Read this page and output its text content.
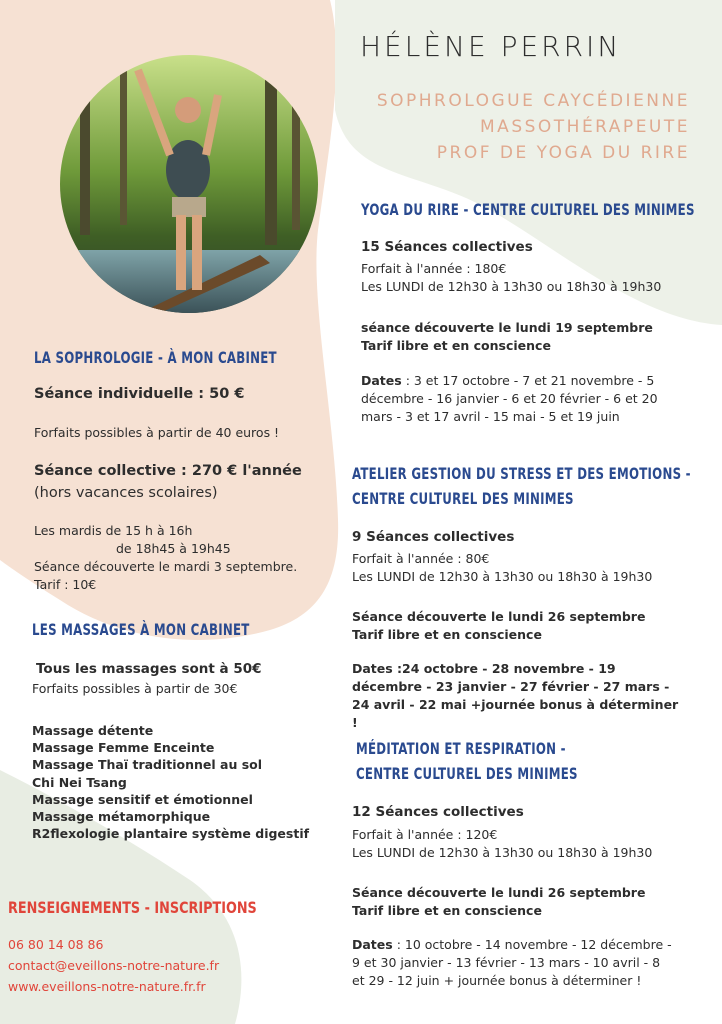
HÉLÈNE PERRIN
SOPHROLOGUE CAYCÉDIENNE
MASSOTHÉRAPEUTE
PROF DE YOGA DU RIRE
LA SOPHROLOGIE - À MON CABINET
Séance individuelle : 50 €
Forfaits possibles à partir de 40 euros !
Séance collective : 270 € l'année
(hors vacances scolaires)
Les mardis de 15 h à 16h
de 18h45 à 19h45
Séance découverte le mardi 3 septembre.
Tarif : 10€
LES MASSAGES À MON CABINET
Tous les massages sont à 50€
Forfaits possibles à partir de 30€
Massage détente
Massage Femme Enceinte
Massage Thaï traditionnel au sol
Chi Nei Tsang
Massage sensitif et émotionnel
Massage métamorphique
R2flexologie plantaire système digestif
RENSEIGNEMENTS - INSCRIPTIONS
06 80 14 08 86
contact@eveillons-notre-nature.fr
www.eveillons-notre-nature.fr.fr
YOGA DU RIRE - CENTRE CULTUREL DES MINIMES
15 Séances collectives
Forfait à l'année : 180€
Les LUNDI de 12h30 à 13h30 ou 18h30 à 19h30
séance découverte le lundi 19 septembre
Tarif libre et en conscience
Dates : 3 et 17 octobre - 7 et 21 novembre - 5 décembre - 16 janvier - 6 et 20 février - 6 et 20 mars - 3 et 17 avril - 15 mai - 5 et 19 juin
ATELIER GESTION DU STRESS ET DES EMOTIONS -
CENTRE CULTUREL DES MINIMES
9 Séances collectives
Forfait à l'année : 80€
Les LUNDI de 12h30 à 13h30 ou 18h30 à 19h30
Séance découverte le lundi 26 septembre
Tarif libre et en conscience
Dates :24 octobre - 28 novembre - 19 décembre - 23 janvier - 27 février - 27 mars - 24 avril - 22 mai +journée bonus à déterminer !
MÉDITATION ET RESPIRATION -
CENTRE CULTUREL DES MINIMES
12 Séances collectives
Forfait à l'année : 120€
Les LUNDI de 12h30 à 13h30 ou 18h30 à 19h30
Séance découverte le lundi 26 septembre
Tarif libre et en conscience
Dates : 10 octobre - 14 novembre - 12 décembre - 9 et 30 janvier - 13 février - 13 mars - 10 avril - 8 et 29 - 12 juin + journée bonus à déterminer !
